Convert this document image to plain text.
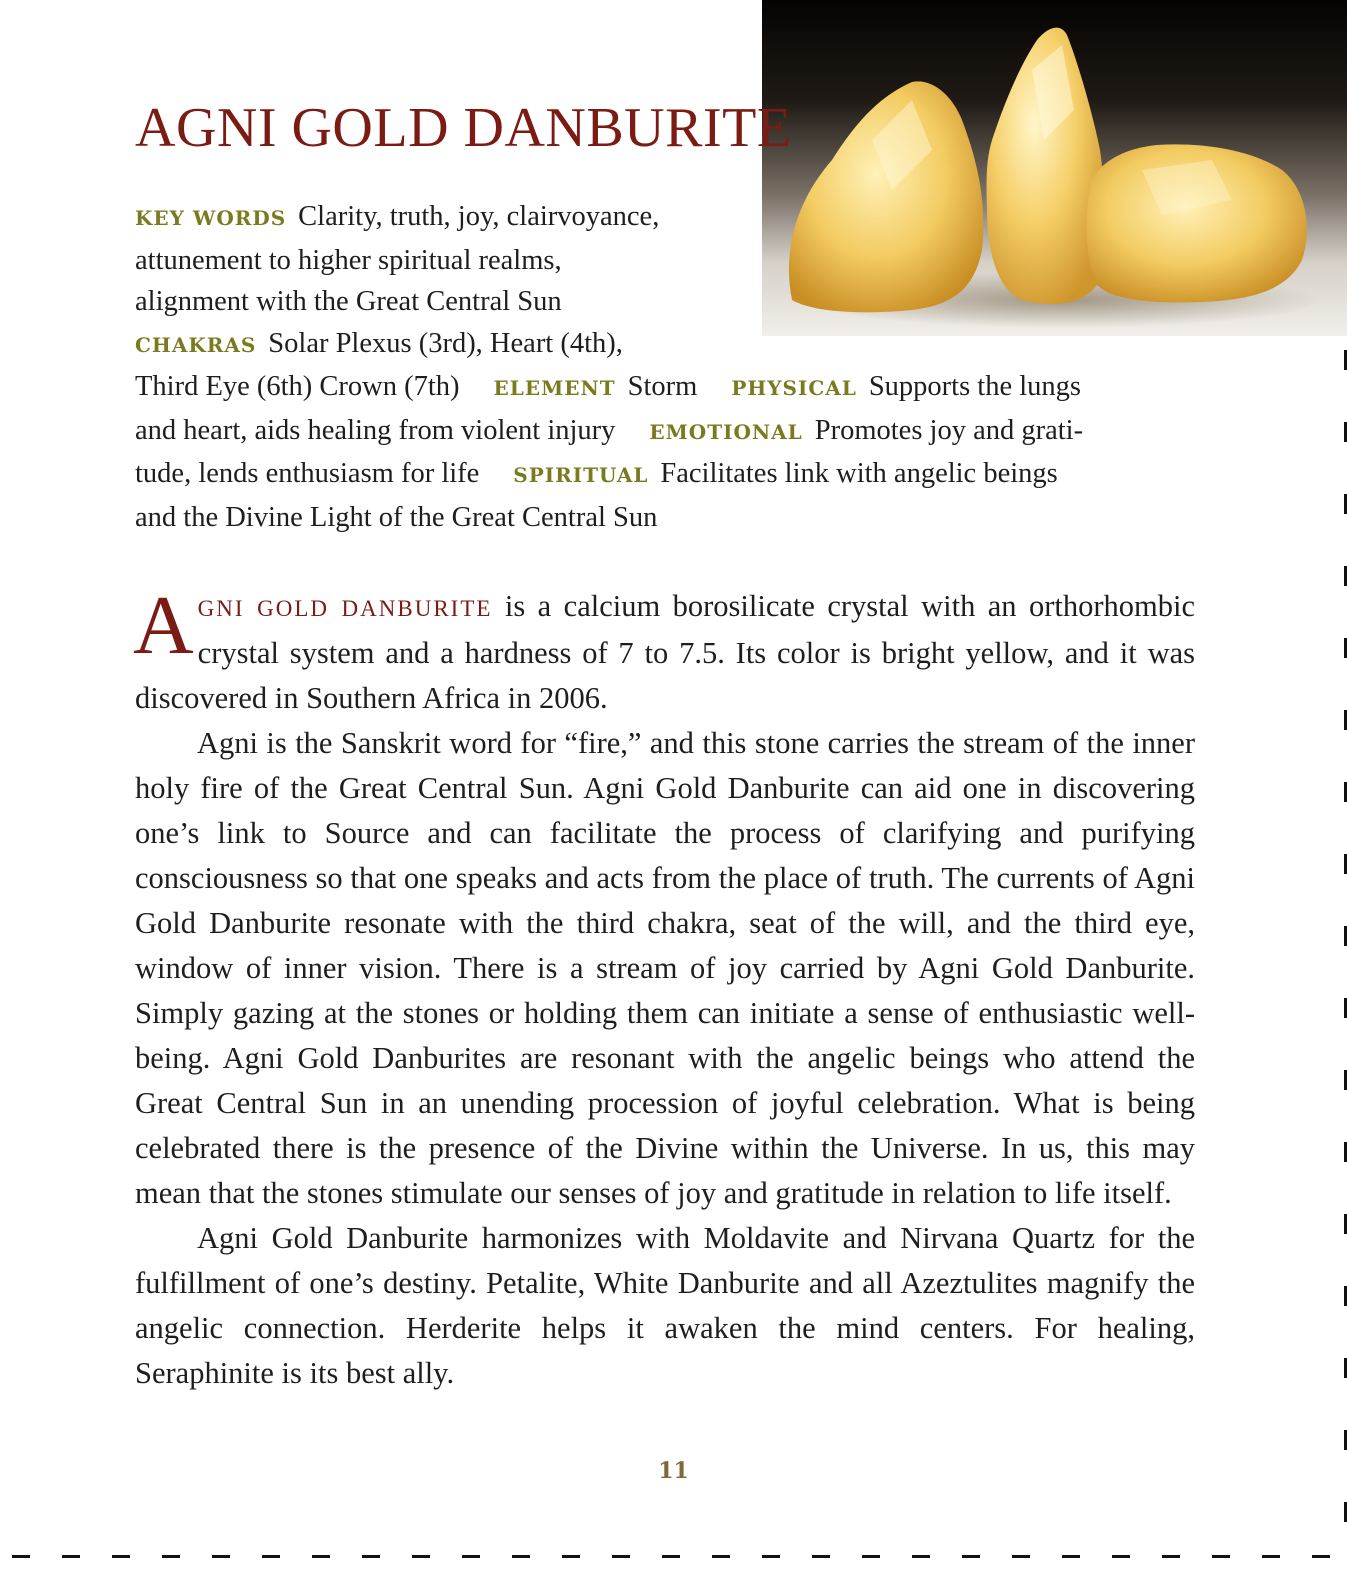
AGNI GOLD DANBURITE
KEY WORDS Clarity, truth, joy, clairvoyance,
attunement to higher spiritual realms,
alignment with the Great Central Sun
CHAKRAS Solar Plexus (3rd), Heart (4th),
Third Eye (6th) Crown (7th) ELEMENT Storm PHYSICAL Supports the lungs
and heart, aids healing from violent injury EMOTIONAL Promotes joy and grati-
tude, lends enthusiasm for life SPIRITUAL Facilitates link with angelic beings
and the Divine Light of the Great Central Sun

AGNI GOLD DANBURITE is a calcium borosilicate crystal with an orthorhombic crystal system and a hardness of 7 to 7.5. Its color is bright yellow, and it was discovered in Southern Africa in 2006.

Agni is the Sanskrit word for “fire,” and this stone carries the stream of the inner holy fire of the Great Central Sun. Agni Gold Danburite can aid one in discovering one’s link to Source and can facilitate the process of clarifying and purifying consciousness so that one speaks and acts from the place of truth. The currents of Agni Gold Danburite resonate with the third chakra, seat of the will, and the third eye, window of inner vision. There is a stream of joy carried by Agni Gold Danburite. Simply gazing at the stones or holding them can initiate a sense of enthusiastic well-being. Agni Gold Danburites are resonant with the angelic beings who attend the Great Central Sun in an unending procession of joyful celebration. What is being celebrated there is the presence of the Divine within the Universe. In us, this may mean that the stones stimulate our senses of joy and gratitude in relation to life itself.

Agni Gold Danburite harmonizes with Moldavite and Nirvana Quartz for the fulfillment of one’s destiny. Petalite, White Danburite and all Azeztulites magnify the angelic connection. Herderite helps it awaken the mind centers. For healing, Seraphinite is its best ally.

11
